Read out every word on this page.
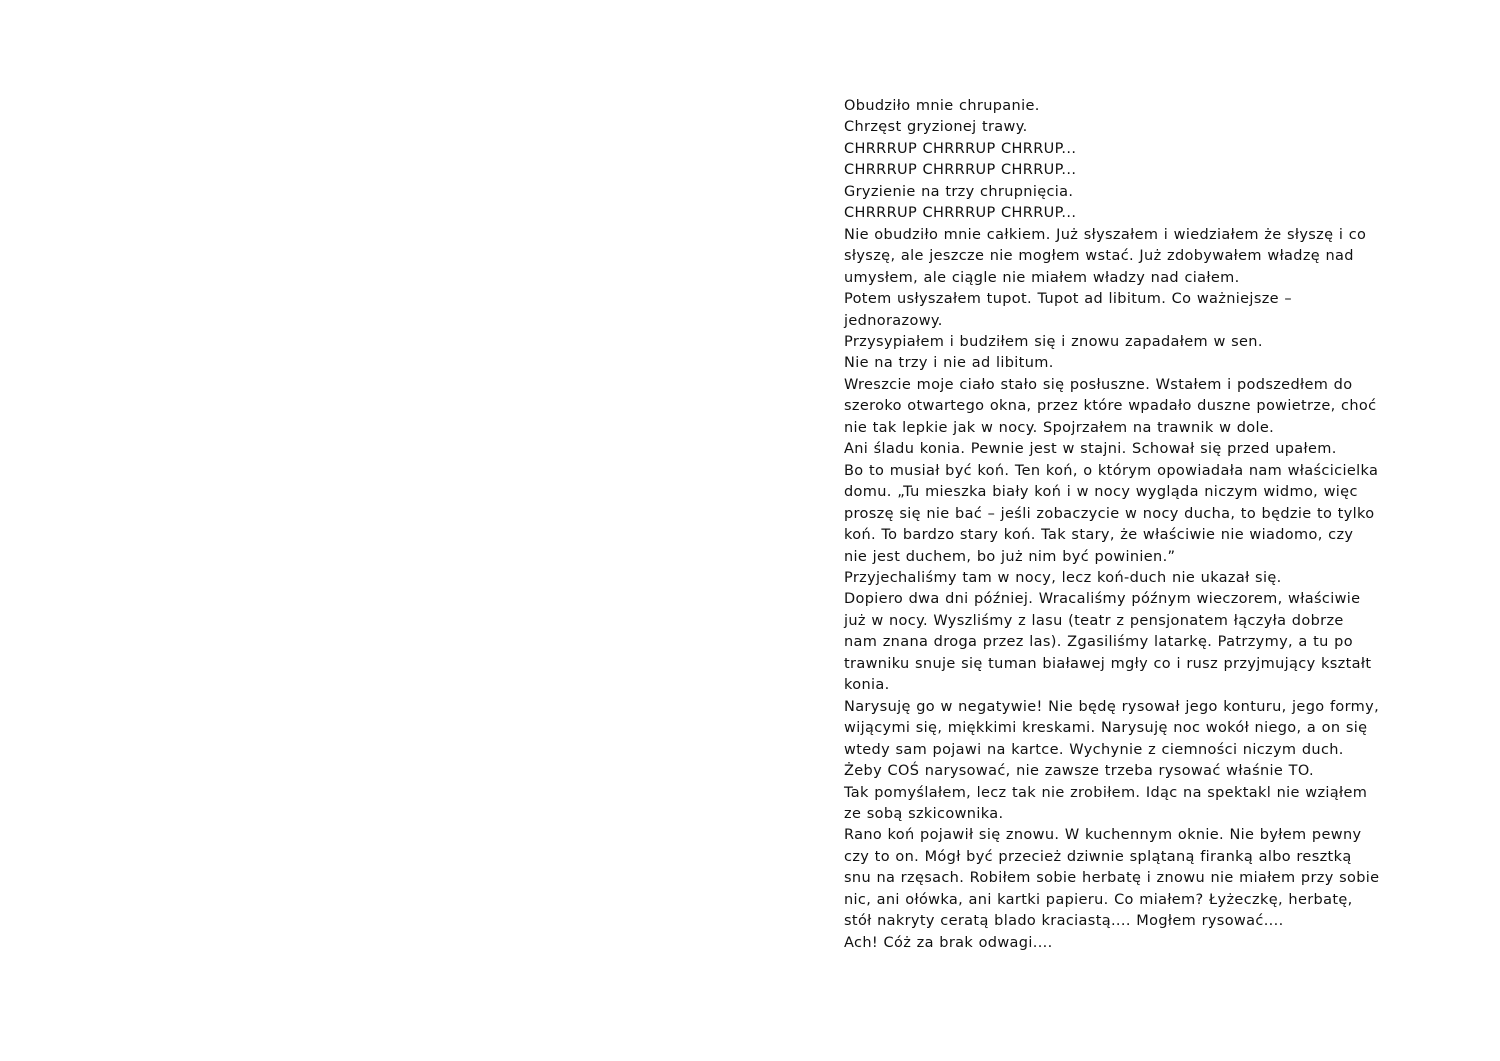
Obudziło mnie chrupanie.
Chrzęst gryzionej trawy.
CHRRRUP CHRRRUP CHRRUP...
CHRRRUP CHRRRUP CHRRUP...
Gryzienie na trzy chrupnięcia.
CHRRRUP CHRRRUP CHRRUP...
Nie obudziło mnie całkiem. Już słyszałem i wiedziałem że słyszę i co
słyszę, ale jeszcze nie mogłem wstać. Już zdobywałem władzę nad
umysłem, ale ciągle nie miałem władzy nad ciałem.
Potem usłyszałem tupot. Tupot ad libitum. Co ważniejsze –
jednorazowy.
Przysypiałem i budziłem się i znowu zapadałem w sen.
Nie na trzy i nie ad libitum.
Wreszcie moje ciało stało się posłuszne. Wstałem i podszedłem do
szeroko otwartego okna, przez które wpadało duszne powietrze, choć
nie tak lepkie jak w nocy. Spojrzałem na trawnik w dole.
Ani śladu konia. Pewnie jest w stajni. Schował się przed upałem.
Bo to musiał być koń. Ten koń, o którym opowiadała nam właścicielka
domu. „Tu mieszka biały koń i w nocy wygląda niczym widmo, więc
proszę się nie bać – jeśli zobaczycie w nocy ducha, to będzie to tylko
koń. To bardzo stary koń. Tak stary, że właściwie nie wiadomo, czy
nie jest duchem, bo już nim być powinien.”
Przyjechaliśmy tam w nocy, lecz koń-duch nie ukazał się.
Dopiero dwa dni później. Wracaliśmy późnym wieczorem, właściwie
już w nocy. Wyszliśmy z lasu (teatr z pensjonatem łączyła dobrze
nam znana droga przez las). Zgasiliśmy latarkę. Patrzymy, a tu po
trawniku snuje się tuman białawej mgły co i rusz przyjmujący kształt
konia.
Narysuję go w negatywie! Nie będę rysował jego konturu, jego formy,
wijącymi się, miękkimi kreskami. Narysuję noc wokół niego, a on się
wtedy sam pojawi na kartce. Wychynie z ciemności niczym duch.
Żeby COŚ narysować, nie zawsze trzeba rysować właśnie TO.
Tak pomyślałem, lecz tak nie zrobiłem. Idąc na spektakl nie wziąłem
ze sobą szkicownika.
Rano koń pojawił się znowu. W kuchennym oknie. Nie byłem pewny
czy to on. Mógł być przecież dziwnie splątaną firanką albo resztką
snu na rzęsach. Robiłem sobie herbatę i znowu nie miałem przy sobie
nic, ani ołówka, ani kartki papieru. Co miałem? Łyżeczkę, herbatę,
stół nakryty ceratą blado kraciastą.... Mogłem rysować....
Ach! Cóż za brak odwagi....
